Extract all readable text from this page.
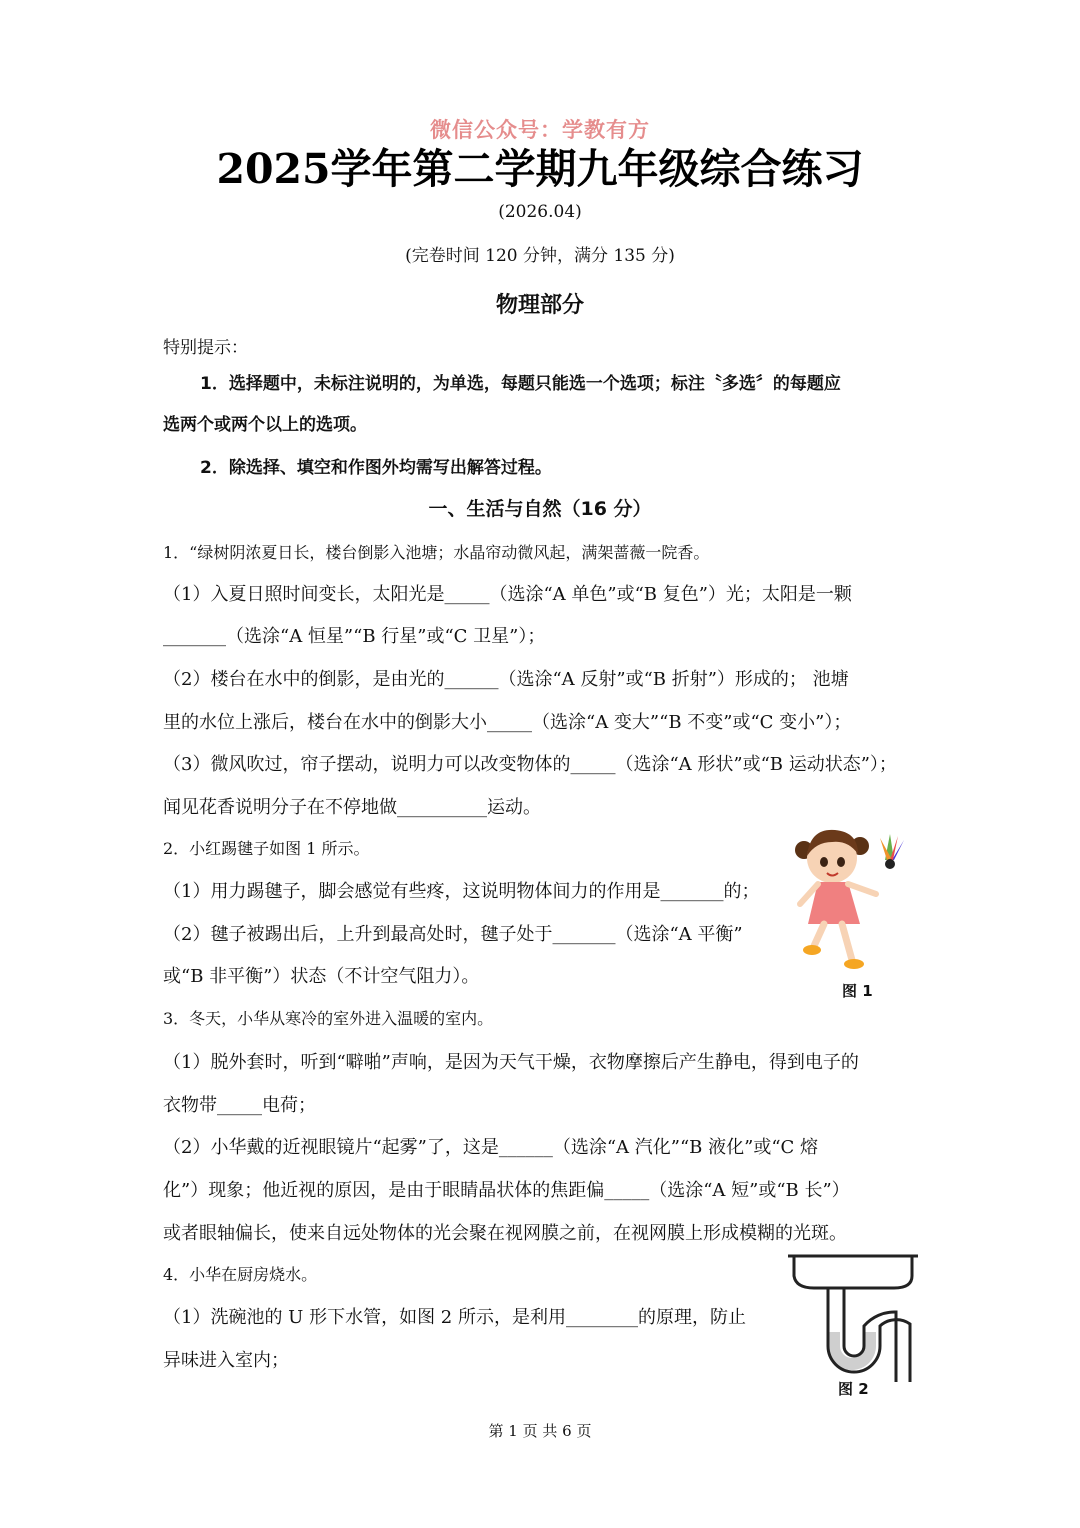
微信公众号：学教有方
2025学年第二学期九年级综合练习
(2026.04)
(完卷时间 120 分钟，满分 135 分)
物理部分
特别提示：
1．选择题中，未标注说明的，为单选，每题只能选一个选项；标注〝多选〞的每题应
选两个或两个以上的选项。
2．除选择、填空和作图外均需写出解答过程。
一、生活与自然（16 分）
1．“绿树阴浓夏日长，楼台倒影入池塘；水晶帘动微风起，满架蔷薇一院香。
（1）入夏日照时间变长，太阳光是_____（选涂“A 单色”或“B 复色”）光；太阳是一颗
_______（选涂“A 恒星”“B 行星”或“C 卫星”）；
（2）楼台在水中的倒影，是由光的______（选涂“A 反射”或“B 折射”）形成的； 池塘
里的水位上涨后，楼台在水中的倒影大小_____（选涂“A 变大”“B 不变”或“C 变小”）；
（3）微风吹过，帘子摆动，说明力可以改变物体的_____（选涂“A 形状”或“B 运动状态”）；
闻见花香说明分子在不停地做__________运动。
2．小红踢毽子如图 1 所示。
（1）用力踢毽子，脚会感觉有些疼，这说明物体间力的作用是_______的；
（2）毽子被踢出后，上升到最高处时，毽子处于_______（选涂“A 平衡”
或“B 非平衡”）状态（不计空气阻力）。
图 1
3．冬天，小华从寒冷的室外进入温暖的室内。
（1）脱外套时，听到“噼啪”声响，是因为天气干燥，衣物摩擦后产生静电，得到电子的
衣物带_____电荷；
（2）小华戴的近视眼镜片“起雾”了，这是______（选涂“A 汽化”“B 液化”或“C 熔
化”）现象；他近视的原因，是由于眼睛晶状体的焦距偏_____（选涂“A 短”或“B 长”）
或者眼轴偏长，使来自远处物体的光会聚在视网膜之前，在视网膜上形成模糊的光斑。
4．小华在厨房烧水。
（1）洗碗池的 U 形下水管，如图 2 所示，是利用________的原理，防止
异味进入室内；
图 2
第 1 页 共 6 页
